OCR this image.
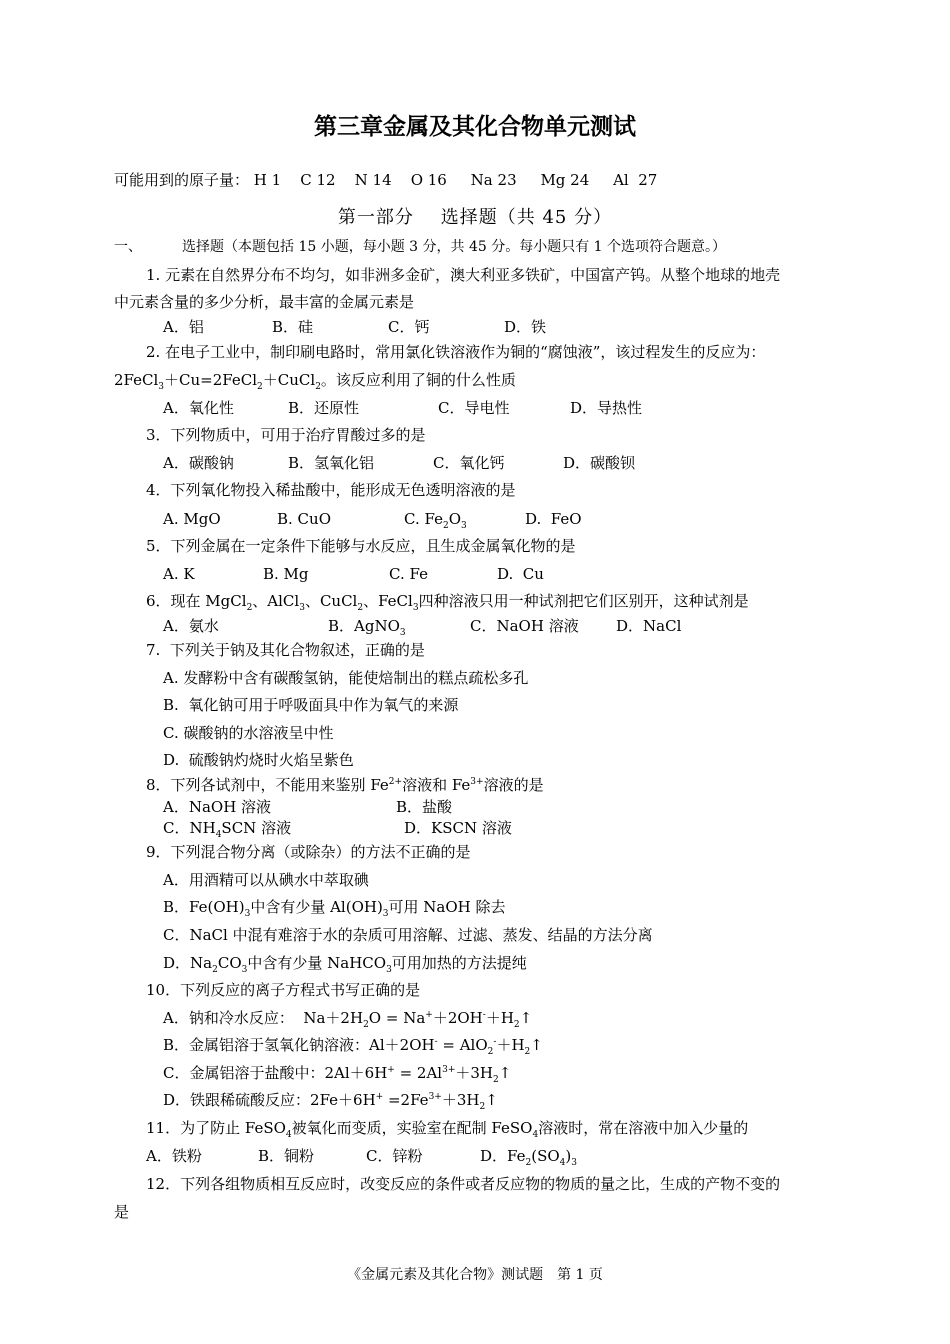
第三章金属及其化合物单元测试
可能用到的原子量： H 1    C 12    N 14    O 16     Na 23     Mg 24     Al  27
第一部分    选择题（共 45 分）
一、	选择题（本题包括 15 小题，每小题 3 分，共 45 分。每小题只有 1 个选项符合题意。）
1. 元素在自然界分布不均匀，如非洲多金矿，澳大利亚多铁矿，中国富产钨。从整个地球的地壳
中元素含量的多少分析，最丰富的金属元素是
A．铝	B．硅	C．钙	D．铁
2. 在电子工业中，制印刷电路时，常用氯化铁溶液作为铜的“腐蚀液”，该过程发生的反应为：
2FeCl$_3$＋Cu=2FeCl$_2$＋CuCl$_2$。该反应利用了铜的什么性质
A．氧化性	B．还原性	C．导电性	D．导热性
3．下列物质中，可用于治疗胃酸过多的是
A．碳酸钠	B．氢氧化铝	C．氧化钙	D．碳酸钡
4．下列氧化物投入稀盐酸中，能形成无色透明溶液的是
A. MgO	B. CuO	C. $Fe_2O_3$	D.  FeO
5．下列金属在一定条件下能够与水反应，且生成金属氧化物的是
A. K	B. Mg	C. Fe	D.  Cu
6．现在 MgCl$_2$、AlCl$_3$、CuCl$_2$、FeCl$_3$四种溶液只用一种试剂把它们区别开，这种试剂是
A．氨水	B．AgNO$_3$	C．NaOH 溶液 D．NaCl
7.  下列关于钠及其化合物叙述，正确的是
A. 发酵粉中含有碳酸氢钠，能使焙制出的糕点疏松多孔
B.  氧化钠可用于呼吸面具中作为氧气的来源
C. 碳酸钠的水溶液呈中性
D.  硫酸钠灼烧时火焰呈紫色
8．下列各试剂中，不能用来鉴别 $Fe^{2+}$溶液和 $Fe^{3+}$溶液的是
A．NaOH 溶液	B．盐酸
C．$NH_4SCN$ 溶液	D．KSCN 溶液
9．下列混合物分离（或除杂）的方法不正确的是
A．用酒精可以从碘水中萃取碘
B．$Fe(OH)_3$中含有少量 $Al(OH)_3$可用 NaOH 除去
C．NaCl 中混有难溶于水的杂质可用溶解、过滤、蒸发、结晶的方法分离
D．$Na_2CO_3$中含有少量 NaHCO$_3$可用加热的方法提纯
10．下列反应的离子方程式书写正确的是
A．钠和冷水反应：  $Na+2H_2O$ = $Na^++2OH^-+H_2↑$
B．金属铝溶于氢氧化钠溶液：$Al+2OH^- = AlO_2^-+H_2↑$
C．金属铝溶于盐酸中：$2Al+6H^+ = 2Al^{3+}+3H_2↑$
D．铁跟稀硫酸反应：$2Fe+6H^+ =2Fe^{3+}+3H_2↑$
11．为了防止 FeSO$_4$被氧化而变质，实验室在配制 FeSO$_4$溶液时，常在溶液中加入少量的
A．铁粉	B．铜粉	C．锌粉	D．$Fe_2(SO_4)_3$
12．下列各组物质相互反应时，改变反应的条件或者反应物的物质的量之比，生成的产物不变的
是
《金属元素及其化合物》测试题 第 1 页
